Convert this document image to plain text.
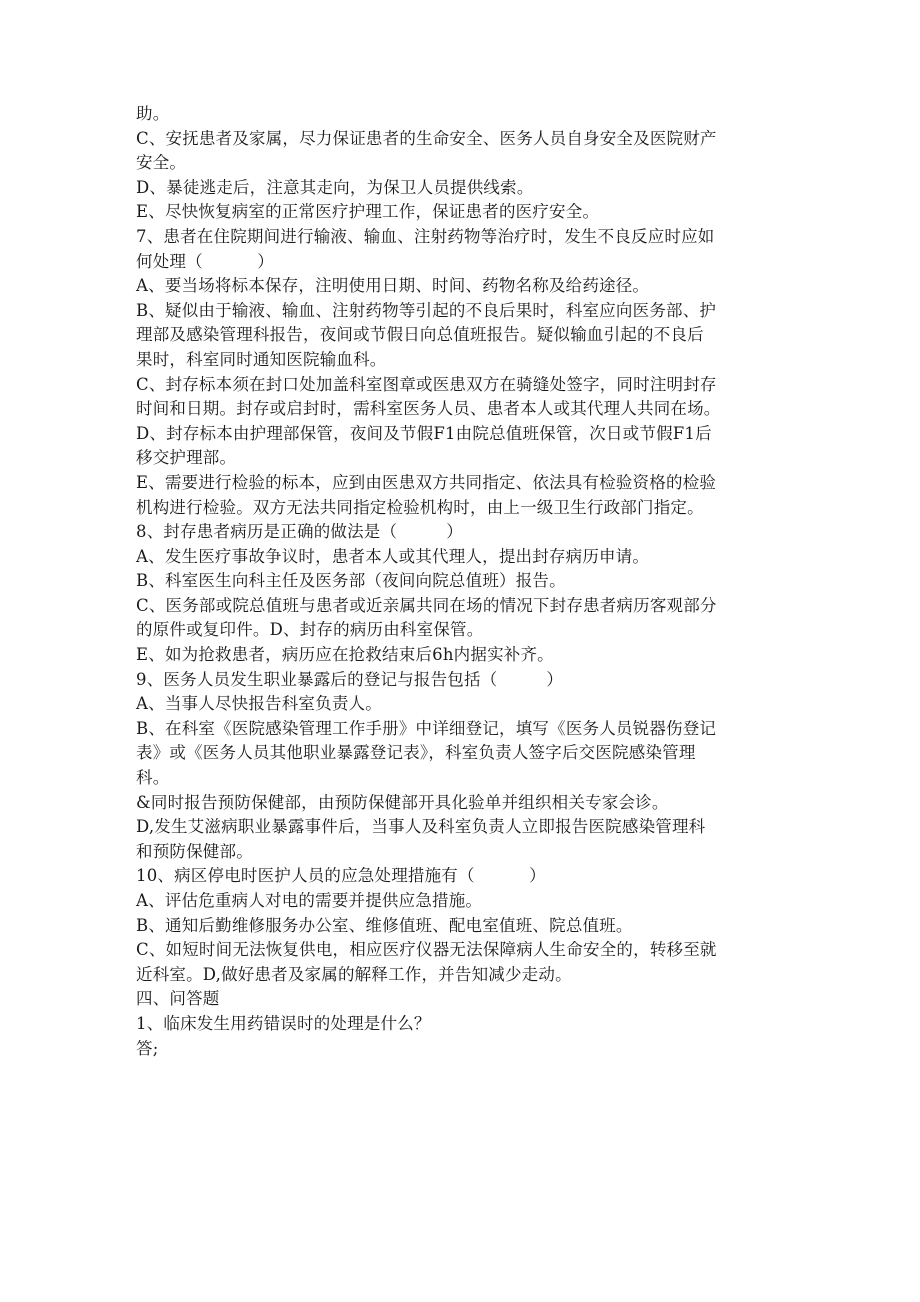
助。
C、安抚患者及家属，尽力保证患者的生命安全、医务人员自身安全及医院财产
安全。
D、暴徒逃走后，注意其走向，为保卫人员提供线索。
E、尽快恢复病室的正常医疗护理工作，保证患者的医疗安全。
7、患者在住院期间进行输液、输血、注射药物等治疗时，发生不良反应时应如
何处理（          ）
A、要当场将标本保存，注明使用日期、时间、药物名称及给药途径。
B、疑似由于输液、输血、注射药物等引起的不良后果时，科室应向医务部、护
理部及感染管理科报告，夜间或节假日向总值班报告。疑似输血引起的不良后
果时，科室同时通知医院输血科。
C、封存标本须在封口处加盖科室图章或医患双方在骑缝处签字，同时注明封存
时间和日期。封存或启封时，需科室医务人员、患者本人或其代理人共同在场。
D、封存标本由护理部保管，夜间及节假F1由院总值班保管，次日或节假F1后
移交护理部。
E、需要进行检验的标本，应到由医患双方共同指定、依法具有检验资格的检验
机构进行检验。双方无法共同指定检验机构时，由上一级卫生行政部门指定。
8、封存患者病历是正确的做法是（         ）
A、发生医疗事故争议时，患者本人或其代理人，提出封存病历申请。
B、科室医生向科主任及医务部（夜间向院总值班）报告。
C、医务部或院总值班与患者或近亲属共同在场的情况下封存患者病历客观部分
的原件或复印件。D、封存的病历由科室保管。
E、如为抢救患者，病历应在抢救结束后6h内据实补齐。
9、医务人员发生职业暴露后的登记与报告包括（         ）
A、当事人尽快报告科室负责人。
B、在科室《医院感染管理工作手册》中详细登记，填写《医务人员锐器伤登记
表》或《医务人员其他职业暴露登记表》，科室负责人签字后交医院感染管理
科。
&同时报告预防保健部，由预防保健部开具化验单并组织相关专家会诊。
D,发生艾滋病职业暴露事件后，当事人及科室负责人立即报告医院感染管理科
和预防保健部。
10、病区停电时医护人员的应急处理措施有（          ）
A、评估危重病人对电的需要并提供应急措施。
B、通知后勤维修服务办公室、维修值班、配电室值班、院总值班。
C、如短时间无法恢复供电，相应医疗仪器无法保障病人生命安全的，转移至就
近科室。D,做好患者及家属的解释工作，并告知减少走动。
四、问答题
1、临床发生用药错误时的处理是什么？
答;
